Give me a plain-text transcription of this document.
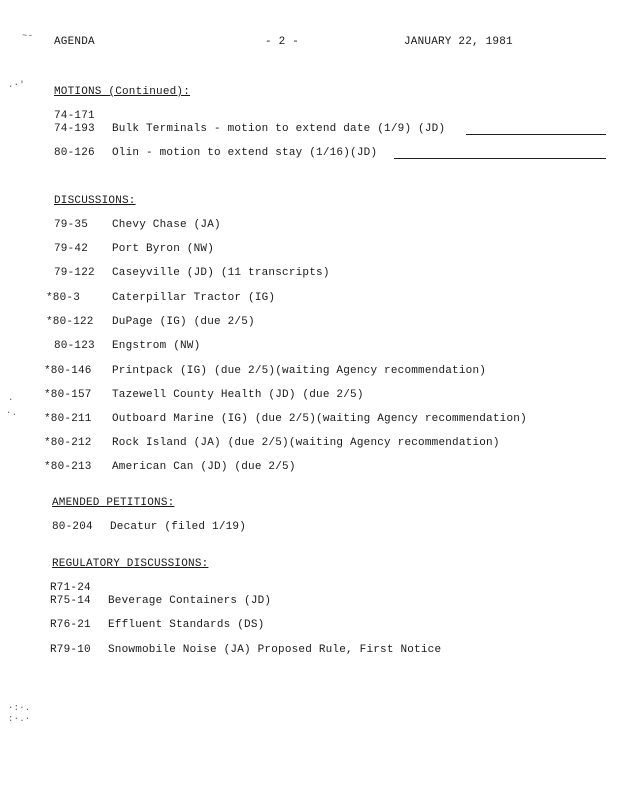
~-
.·'
·
·.
·:·.
:·.·
AGENDA	- 2 -	JANUARY 22, 1981
MOTIONS (Continued):
74-171
74-193 Bulk Terminals - motion to extend date (1/9) (JD)
80-126 Olin - motion to extend stay (1/16)(JD)
DISCUSSIONS:
79-35 Chevy Chase (JA)
79-42 Port Byron (NW)
79-122 Caseyville (JD) (11 transcripts)
*80-3	Caterpillar Tractor (IG)
*80-122 DuPage (IG) (due 2/5)
80-123 Engstrom (NW)
*80-146 Printpack (IG) (due 2/5)(waiting Agency recommendation)
*80-157 Tazewell County Health (JD) (due 2/5)
*80-211 Outboard Marine (IG) (due 2/5)(waiting Agency recommendation)
*80-212 Rock Island (JA) (due 2/5)(waiting Agency recommendation)
*80-213 American Can (JD) (due 2/5)
AMENDED PETITIONS:
80-204 Decatur (filed 1/19)
REGULATORY DISCUSSIONS:
R71-24
R75-14 Beverage Containers (JD)
R76-21 Effluent Standards (DS)
R79-10 Snowmobile Noise (JA) Proposed Rule, First Notice
